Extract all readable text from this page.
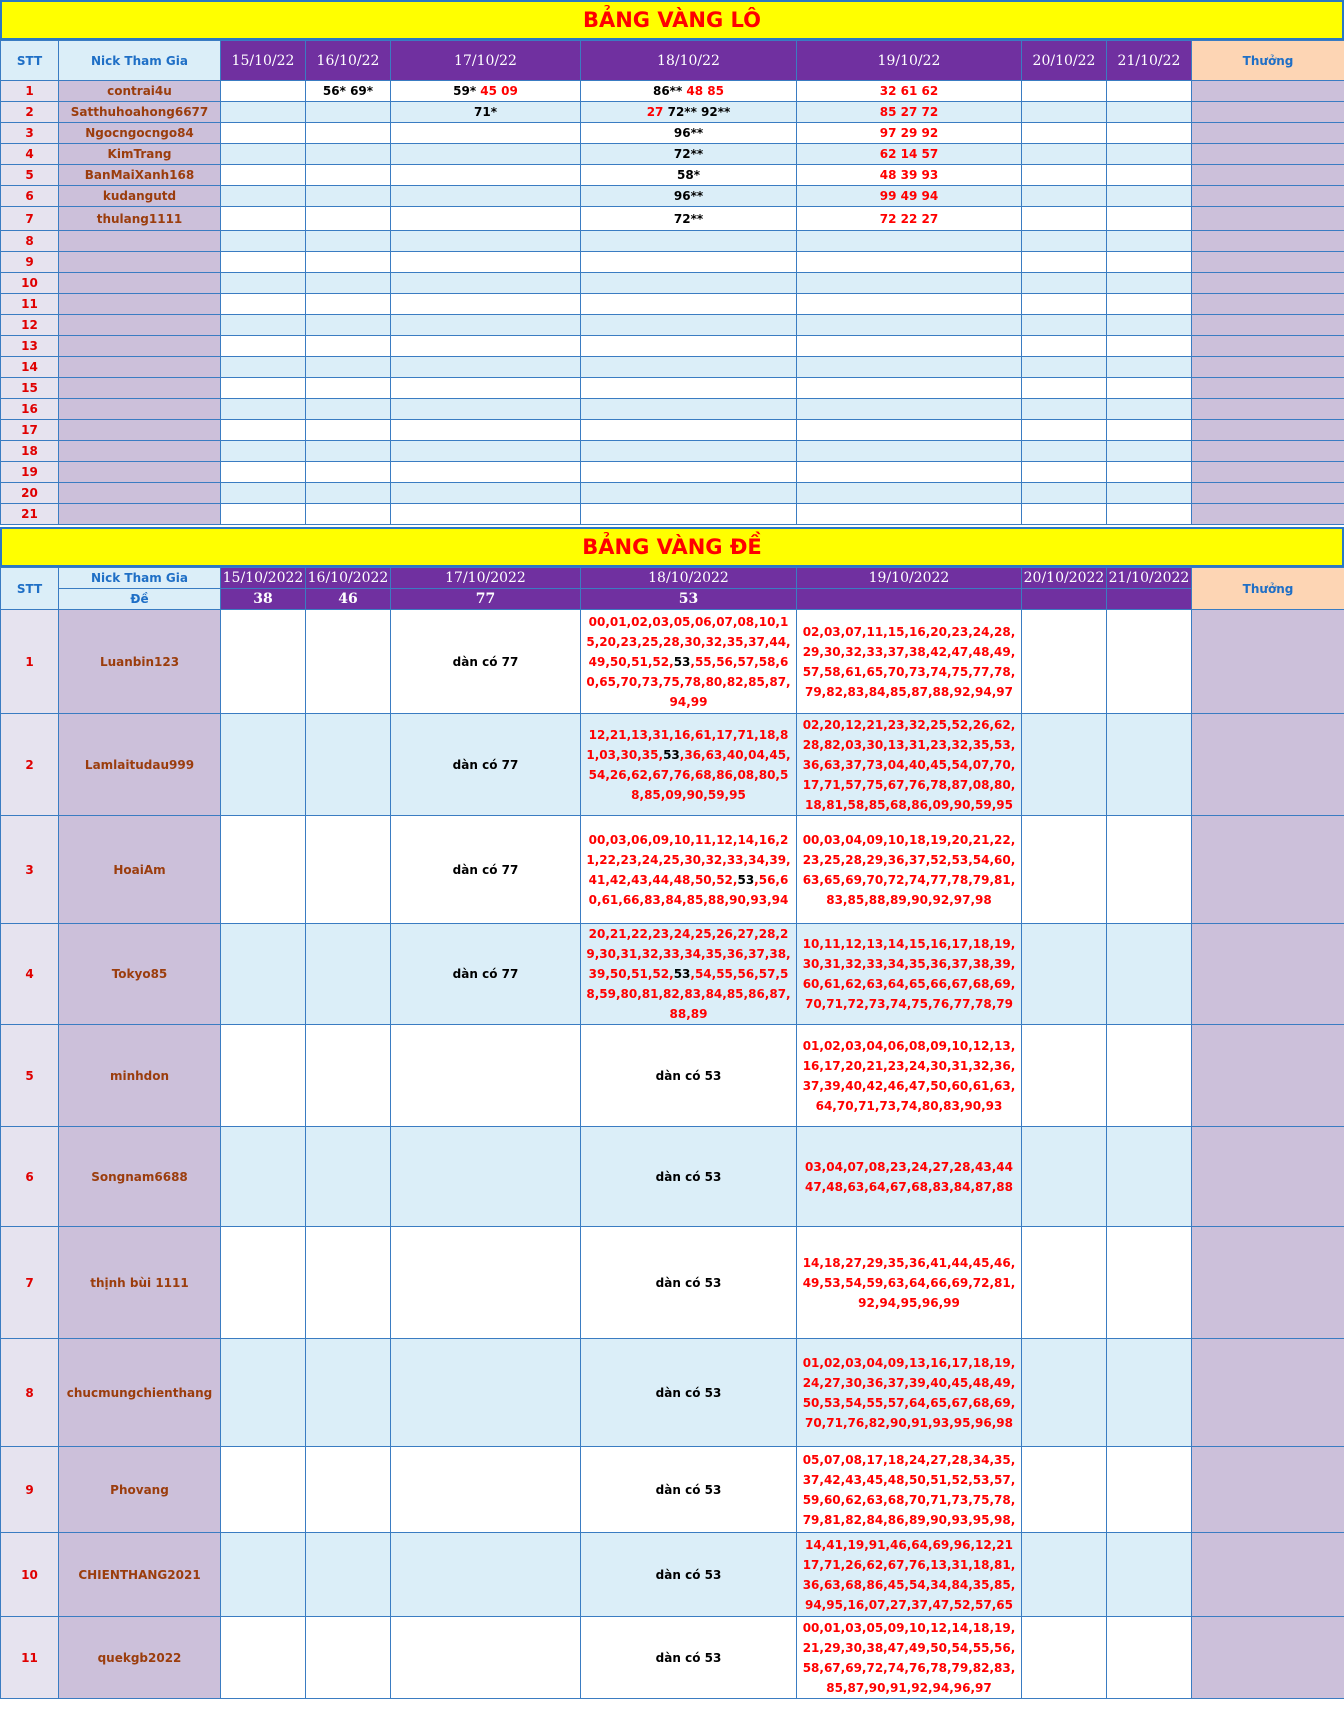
BẢNG VÀNG LÔ
STT	Nick Tham Gia	15/10/22	16/10/22	17/10/22	18/10/22	19/10/22	20/10/22	21/10/22	Thưởng
1	contrai4u		56* 69*	59* 45 09	86** 48 85	32 61 62			
2	Satthuhoahong6677			71*	27 72** 92**	85 27 72			
3	Ngocngocngo84				96**	97 29 92			
4	KimTrang				72**	62 14 57			
5	BanMaiXanh168				58*	48 39 93			
6	kudangutd				96**	99 49 94			
7	thulang1111				72**	72 22 27			
8									
9									
10									
11									
12									
13									
14									
15									
16									
17									
18									
19									
20									
21									
BẢNG VÀNG ĐỀ
STT	Nick Tham Gia	15/10/2022	16/10/2022	17/10/2022	18/10/2022	19/10/2022	20/10/2022	21/10/2022	Thưởng
	Đề	38	46	77	53				
1	Luanbin123			dàn có 77	00,01,02,03,05,06,07,08,10,15,20,23,25,28,30,32,35,37,44,49,50,51,52,53,55,56,57,58,60,65,70,73,75,78,80,82,85,87,94,99	02,03,07,11,15,16,20,23,24,28,29,30,32,33,37,38,42,47,48,49,57,58,61,65,70,73,74,75,77,78,79,82,83,84,85,87,88,92,94,97			
2	Lamlaitudau999			dàn có 77	12,21,13,31,16,61,17,71,18,81,03,30,35,53,36,63,40,04,45,54,26,62,67,76,68,86,08,80,58,85,09,90,59,95	02,20,12,21,23,32,25,52,26,62,28,82,03,30,13,31,23,32,35,53,36,63,37,73,04,40,45,54,07,70,17,71,57,75,67,76,78,87,08,80,18,81,58,85,68,86,09,90,59,95			
3	HoaiAm			dàn có 77	00,03,06,09,10,11,12,14,16,21,22,23,24,25,30,32,33,34,39,41,42,43,44,48,50,52,53,56,60,61,66,83,84,85,88,90,93,94	00,03,04,09,10,18,19,20,21,22,23,25,28,29,36,37,52,53,54,60,63,65,69,70,72,74,77,78,79,81,83,85,88,89,90,92,97,98			
4	Tokyo85			dàn có 77	20,21,22,23,24,25,26,27,28,29,30,31,32,33,34,35,36,37,38,39,50,51,52,53,54,55,56,57,58,59,80,81,82,83,84,85,86,87,88,89	10,11,12,13,14,15,16,17,18,19,30,31,32,33,34,35,36,37,38,39,60,61,62,63,64,65,66,67,68,69,70,71,72,73,74,75,76,77,78,79			
5	minhdon				dàn có 53	01,02,03,04,06,08,09,10,12,13,16,17,20,21,23,24,30,31,32,36,37,39,40,42,46,47,50,60,61,63,64,70,71,73,74,80,83,90,93			
6	Songnam6688				dàn có 53	03,04,07,08,23,24,27,28,43,44 47,48,63,64,67,68,83,84,87,88			
7	thịnh bùi 1111				dàn có 53	14,18,27,29,35,36,41,44,45,46,49,53,54,59,63,64,66,69,72,81,92,94,95,96,99			
8	chucmungchienthang				dàn có 53	01,02,03,04,09,13,16,17,18,19,24,27,30,36,37,39,40,45,48,49,50,53,54,55,57,64,65,67,68,69,70,71,76,82,90,91,93,95,96,98			
9	Phovang				dàn có 53	05,07,08,17,18,24,27,28,34,35,37,42,43,45,48,50,51,52,53,57,59,60,62,63,68,70,71,73,75,78,79,81,82,84,86,89,90,93,95,98,			
10	CHIENTHANG2021				dàn có 53	14,41,19,91,46,64,69,96,12,21 17,71,26,62,67,76,13,31,18,81,36,63,68,86,45,54,34,84,35,85,94,95,16,07,27,37,47,52,57,65			
11	quekgb2022				dàn có 53	00,01,03,05,09,10,12,14,18,19,21,29,30,38,47,49,50,54,55,56,58,67,69,72,74,76,78,79,82,83,85,87,90,91,92,94,96,97			
